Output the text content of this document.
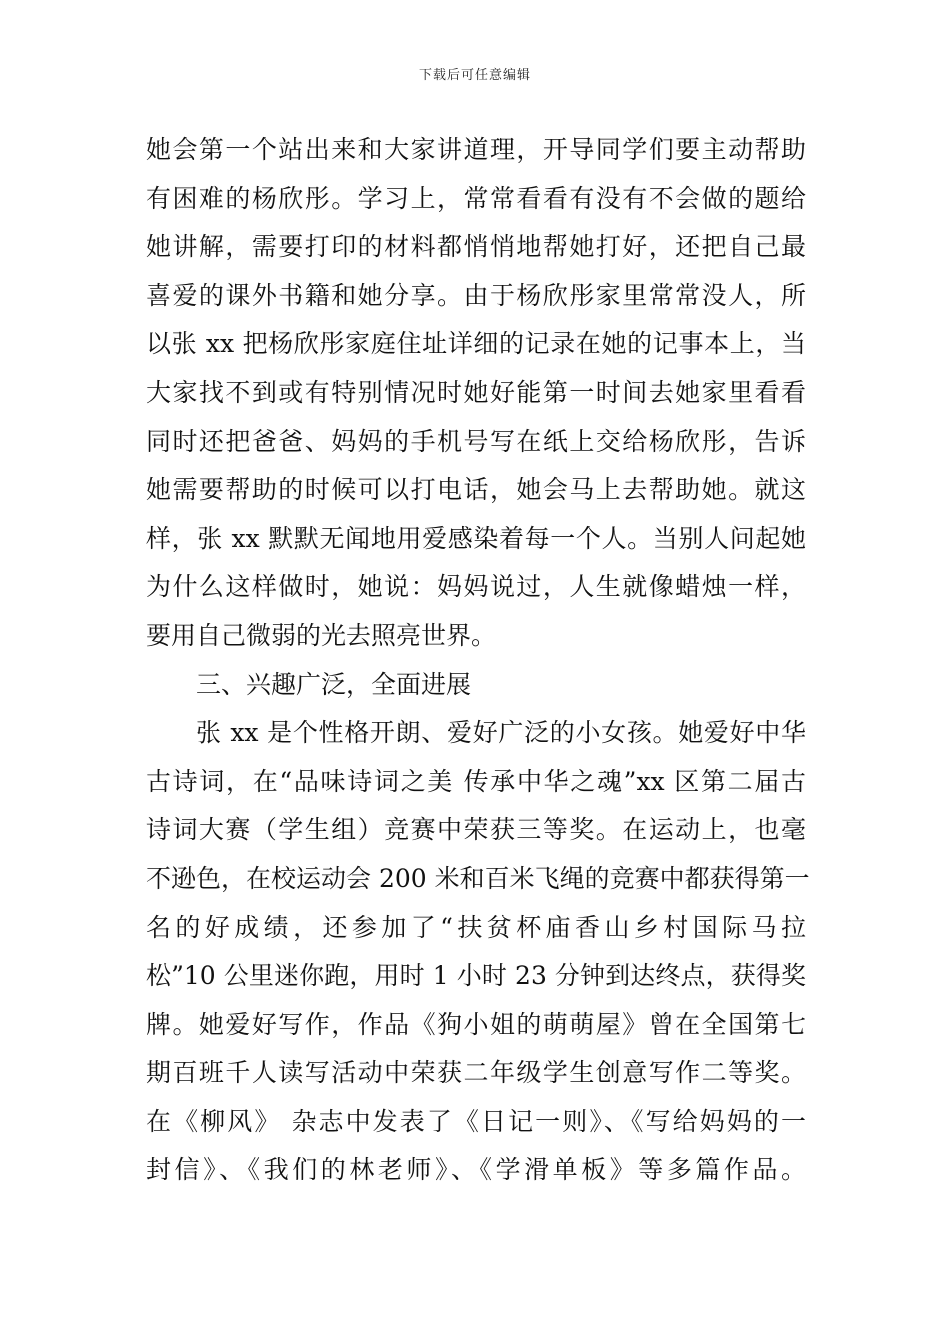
下载后可任意编辑
她会第一个站出来和大家讲道理，开导同学们要主动帮助
有困难的杨欣彤。学习上，常常看看有没有不会做的题给
她讲解，需要打印的材料都悄悄地帮她打好，还把自己最
喜爱的课外书籍和她分享。由于杨欣彤家里常常没人，所
以张 xx 把杨欣彤家庭住址详细的记录在她的记事本上，当
大家找不到或有特别情况时她好能第一时间去她家里看看
同时还把爸爸、妈妈的手机号写在纸上交给杨欣彤，告诉
她需要帮助的时候可以打电话，她会马上去帮助她。就这
样，张 xx 默默无闻地用爱感染着每一个人。当别人问起她
为什么这样做时，她说：妈妈说过，人生就像蜡烛一样，
要用自己微弱的光去照亮世界。
三、兴趣广泛，全面进展
张 xx 是个性格开朗、爱好广泛的小女孩。她爱好中华
古诗词，在“品味诗词之美 传承中华之魂”xx 区第二届古
诗词大赛（学生组）竞赛中荣获三等奖。在运动上，也毫
不逊色，在校运动会 200 米和百米飞绳的竞赛中都获得第一
名的好成绩，还参加了“扶贫杯庙香山乡村国际马拉
松”10 公里迷你跑，用时 1 小时 23 分钟到达终点，获得奖
牌。她爱好写作，作品《狗小姐的萌萌屋》曾在全国第七
期百班千人读写活动中荣获二年级学生创意写作二等奖。
在《柳风》 杂志中发表了《日记一则》、《写给妈妈的一
封信》、《我们的林老师》、《学滑单板》等多篇作品。
